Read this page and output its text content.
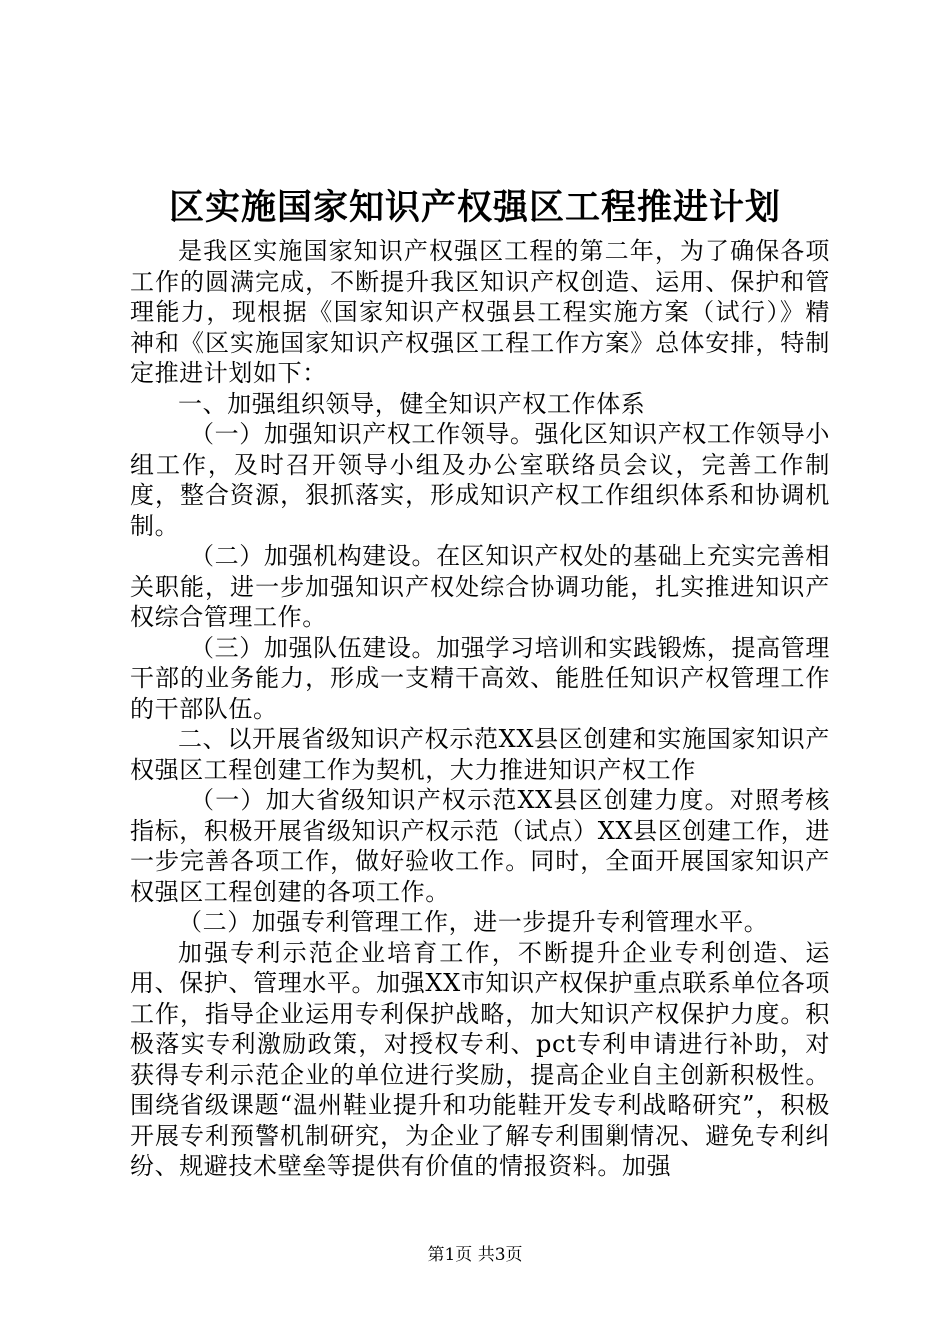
区实施国家知识产权强区工程推进计划

是我区实施国家知识产权强区工程的第二年，为了确保各项工作的圆满完成，不断提升我区知识产权创造、运用、保护和管理能力，现根据《国家知识产权强县工程实施方案（试行）》精神和《区实施国家知识产权强区工程工作方案》总体安排，特制定推进计划如下：

一、加强组织领导，健全知识产权工作体系

（一）加强知识产权工作领导。强化区知识产权工作领导小组工作，及时召开领导小组及办公室联络员会议，完善工作制度，整合资源，狠抓落实，形成知识产权工作组织体系和协调机制。

（二）加强机构建设。在区知识产权处的基础上充实完善相关职能，进一步加强知识产权处综合协调功能，扎实推进知识产权综合管理工作。

（三）加强队伍建设。加强学习培训和实践锻炼，提高管理干部的业务能力，形成一支精干高效、能胜任知识产权管理工作的干部队伍。

二、以开展省级知识产权示范XX县区创建和实施国家知识产权强区工程创建工作为契机，大力推进知识产权工作

（一）加大省级知识产权示范XX县区创建力度。对照考核指标，积极开展省级知识产权示范（试点）XX县区创建工作，进一步完善各项工作，做好验收工作。同时，全面开展国家知识产权强区工程创建的各项工作。

（二）加强专利管理工作，进一步提升专利管理水平。

加强专利示范企业培育工作，不断提升企业专利创造、运用、保护、管理水平。加强XX市知识产权保护重点联系单位各项工作，指导企业运用专利保护战略，加大知识产权保护力度。积极落实专利激励政策，对授权专利、pct专利申请进行补助，对获得专利示范企业的单位进行奖励，提高企业自主创新积极性。围绕省级课题“温州鞋业提升和功能鞋开发专利战略研究”，积极开展专利预警机制研究，为企业了解专利围剿情况、避免专利纠纷、规避技术壁垒等提供有价值的情报资料。加强

第1页 共3页
